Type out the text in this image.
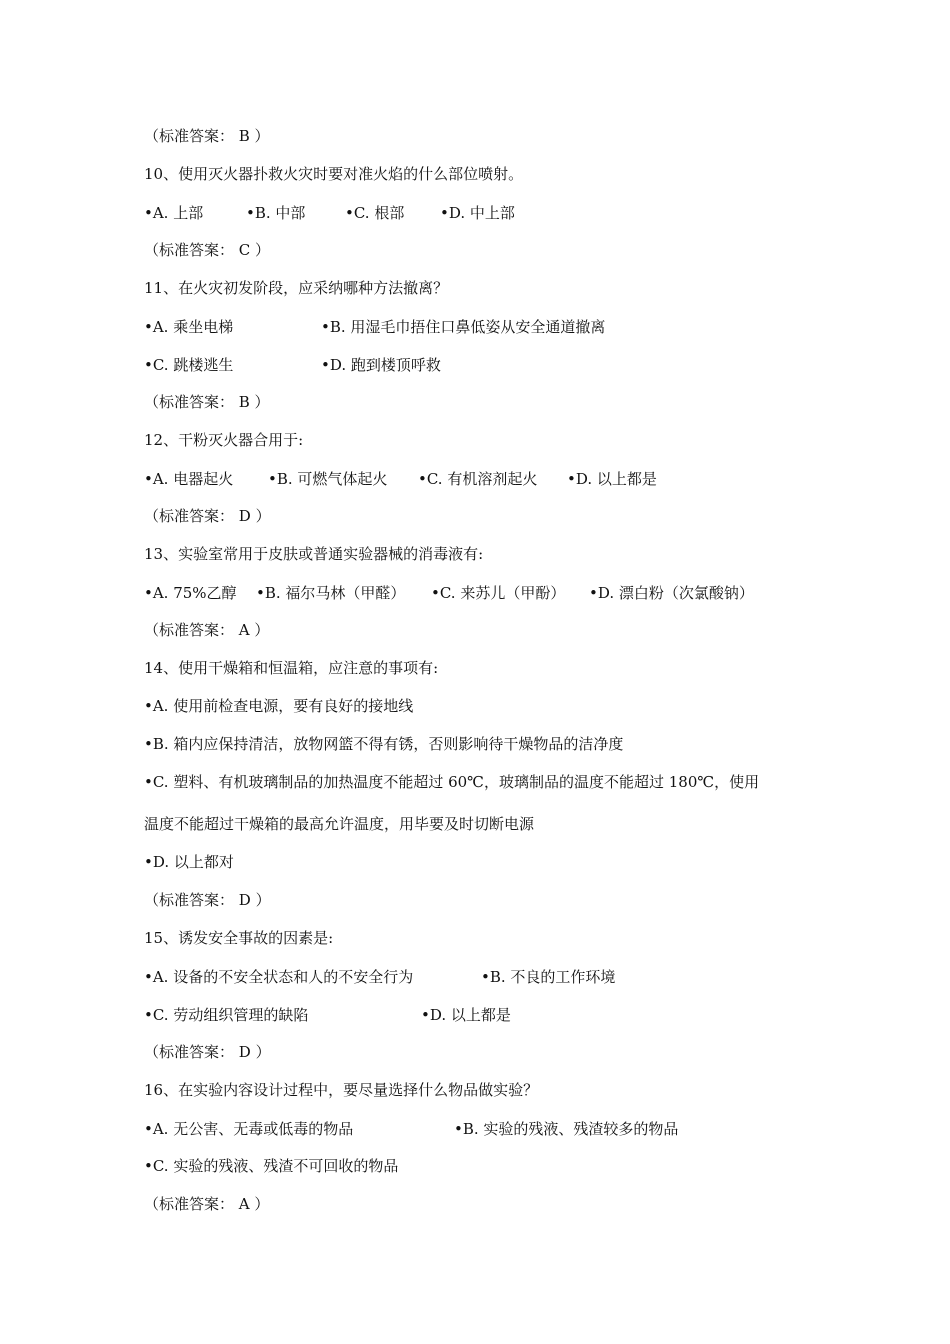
（标准答案： B ）
10、使用灭火器扑救火灾时要对准火焰的什么部位喷射。
•A. 上部	•B. 中部	•C. 根部 •D. 中上部
（标准答案： C ）
11、在火灾初发阶段，应采纳哪种方法撤离？
•A. 乘坐电梯	•B. 用湿毛巾捂住口鼻低姿从安全通道撤离
•C. 跳楼逃生	•D. 跑到楼顶呼救
（标准答案： B ）
12、干粉灭火器合用于:
•A. 电器起火 •B. 可燃气体起火 •C. 有机溶剂起火 •D. 以上都是
（标准答案： D ）
13、实验室常用于皮肤或普通实验器械的消毒液有:
•A. 75%乙醇 •B. 福尔马林（甲醛） •C. 来苏儿（甲酚） •D. 漂白粉（次氯酸钠）
（标准答案： A ）
14、使用干燥箱和恒温箱，应注意的事项有:
•A. 使用前检查电源，要有良好的接地线
•B. 箱内应保持清洁，放物网篮不得有锈，否则影响待干燥物品的洁净度
•C. 塑料、有机玻璃制品的加热温度不能超过 60℃，玻璃制品的温度不能超过 180℃，使用
温度不能超过干燥箱的最高允许温度，用毕要及时切断电源
•D. 以上都对
（标准答案： D ）
15、诱发安全事故的因素是:
•A. 设备的不安全状态和人的不安全行为	•B. 不良的工作环境
•C. 劳动组织管理的缺陷	•D. 以上都是
（标准答案： D ）
16、在实验内容设计过程中，要尽量选择什么物品做实验？
•A. 无公害、无毒或低毒的物品	•B. 实验的残液、残渣较多的物品
•C. 实验的残液、残渣不可回收的物品
（标准答案： A ）
